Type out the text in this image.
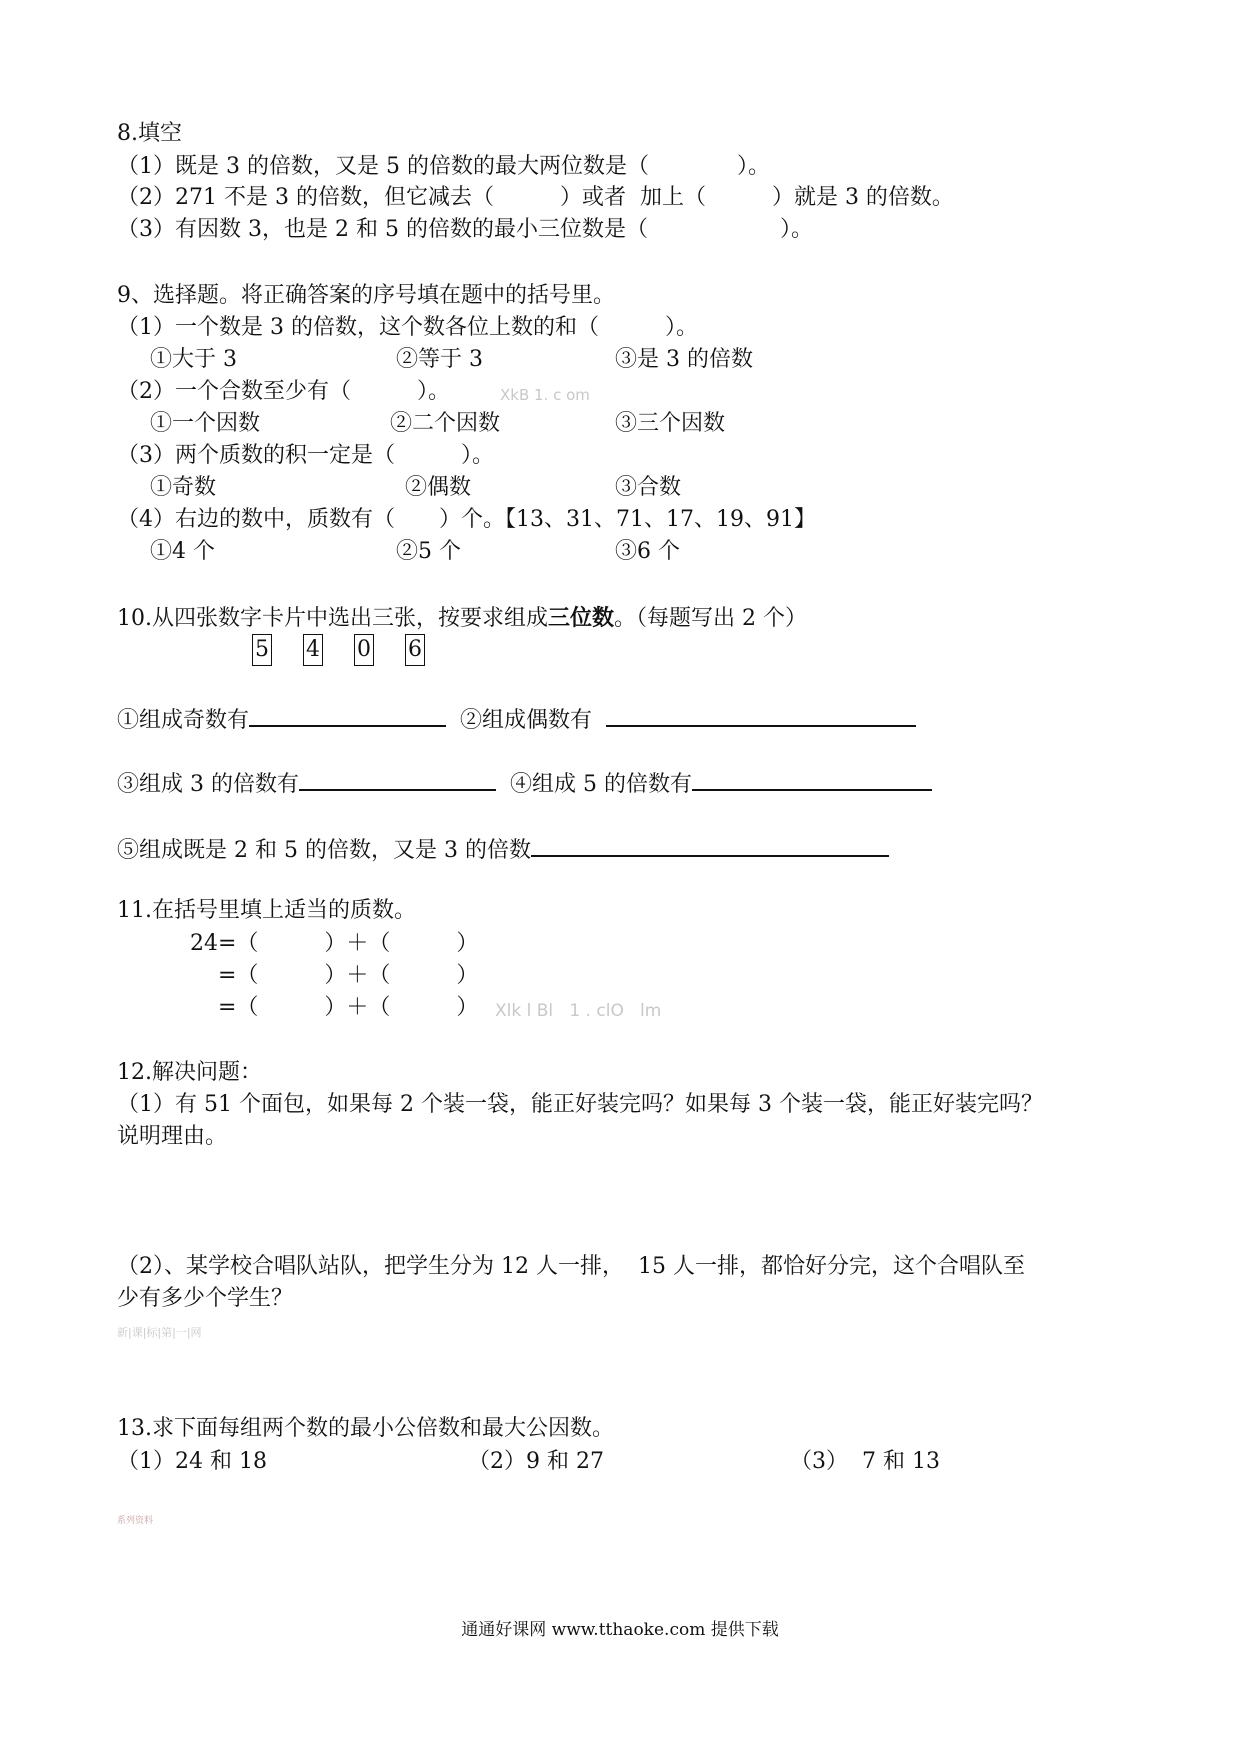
8.填空
（1）既是 3 的倍数，又是 5 的倍数的最大两位数是（　　　　）。
（2）271 不是 3 的倍数，但它减去（　　　）或者  加上（　　　）就是 3 的倍数。
（3）有因数 3，也是 2 和 5 的倍数的最小三位数是（　　　　　　）。
9、选择题。将正确答案的序号填在题中的括号里。
（1）一个数是 3 的倍数，这个数各位上数的和（　　　）。
①大于 3	②等于 3	③是 3 的倍数
（2）一个合数至少有（　　　）。	XkB 1. c om
①一个因数	②二个因数	③三个因数
（3）两个质数的积一定是（　　　）。
①奇数	②偶数	③合数
（4）右边的数中，质数有（　　）个。【13、31、71、17、19、91】
①4 个	②5 个	③6 个
10.从四张数字卡片中选出三张，按要求组成三位数。（每题写出 2 个）
5 4 0 6
①组成奇数有	②组成偶数有
③组成 3 的倍数有	④组成 5 的倍数有
⑤组成既是 2 和 5 的倍数，又是 3 的倍数
11.在括号里填上适当的质数。
24=（　　　）＋（　　　）
=（　　　）＋（　　　）
=（　　　）＋（　　　） Xlk l Bl   1 . clO   lm
12.解决问题：
（1）有 51 个面包，如果每 2 个装一袋，能正好装完吗？如果每 3 个装一袋，能正好装完吗？
说明理由。
（2）、某学校合唱队站队，把学生分为 12 人一排，  15 人一排，都恰好分完，这个合唱队至
少有多少个学生？
新|课|标|第|一|网
13.求下面每组两个数的最小公倍数和最大公因数。
（1）24 和 18	（2）9 和 27	（3）  7 和 13
系列资料
通通好课网 www.tthaoke.com 提供下载
